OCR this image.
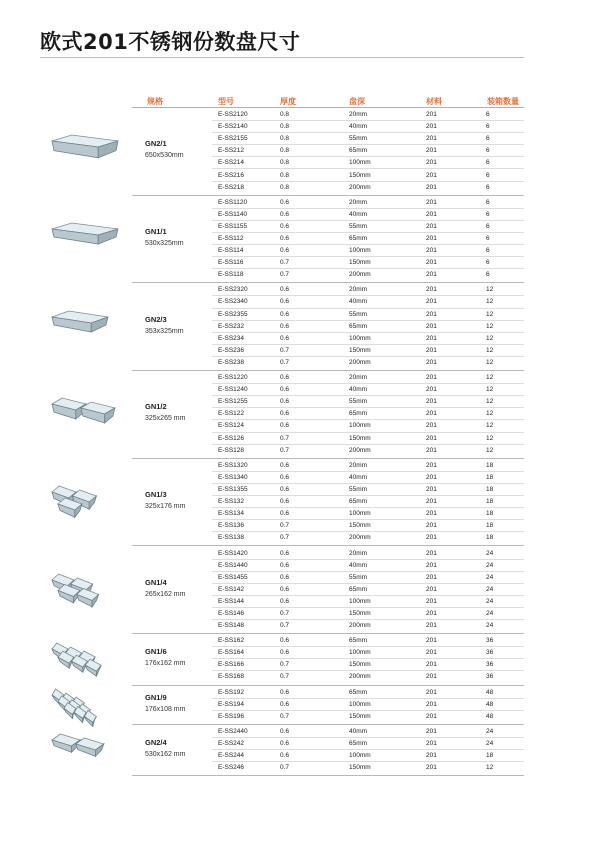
欧式201不锈钢份数盘尺寸
规格	型号	厚度	盘深	材料	装箱数量
GN2/1
650x530mm
E-SS2120	0.8	20mm	201	6
E-SS2140	0.8	40mm	201	6
E-SS2155	0.8	55mm	201	6
E-SS212	0.8	65mm	201	6
E-SS214	0.8	100mm	201	6
E-SS216	0.8	150mm	201	6
E-SS218	0.8	200mm	201	6
GN1/1
530x325mm
E-SS1120	0.6	20mm	201	6
E-SS1140	0.6	40mm	201	6
E-SS1155	0.6	55mm	201	6
E-SS112	0.6	65mm	201	6
E-SS114	0.6	100mm	201	6
E-SS116	0.7	150mm	201	6
E-SS118	0.7	200mm	201	6
GN2/3
353x325mm
E-SS2320	0.6	20mm	201	12
E-SS2340	0.6	40mm	201	12
E-SS2355	0.6	55mm	201	12
E-SS232	0.6	65mm	201	12
E-SS234	0.6	100mm	201	12
E-SS236	0.7	150mm	201	12
E-SS238	0.7	200mm	201	12
GN1/2
325x265 mm
E-SS1220	0.6	20mm	201	12
E-SS1240	0.6	40mm	201	12
E-SS1255	0.6	55mm	201	12
E-SS122	0.6	65mm	201	12
E-SS124	0.6	100mm	201	12
E-SS126	0.7	150mm	201	12
E-SS128	0.7	200mm	201	12
GN1/3
325x176 mm
E-SS1320	0.6	20mm	201	18
E-SS1340	0.6	40mm	201	18
E-SS1355	0.6	55mm	201	18
E-SS132	0.6	65mm	201	18
E-SS134	0.6	100mm	201	18
E-SS136	0.7	150mm	201	18
E-SS138	0.7	200mm	201	18
GN1/4
265x162 mm
E-SS1420	0.6	20mm	201	24
E-SS1440	0.6	40mm	201	24
E-SS1455	0.6	55mm	201	24
E-SS142	0.6	65mm	201	24
E-SS144	0.6	100mm	201	24
E-SS146	0.7	150mm	201	24
E-SS148	0.7	200mm	201	24
GN1/6
176x162 mm
E-SS162	0.6	65mm	201	36
E-SS164	0.6	100mm	201	36
E-SS166	0.7	150mm	201	36
E-SS168	0.7	200mm	201	36
GN1/9
176x108 mm
E-SS192	0.6	65mm	201	48
E-SS194	0.6	100mm	201	48
E-SS196	0.7	150mm	201	48
GN2/4
530x162 mm
E-SS2440	0.6	40mm	201	24
E-SS242	0.6	65mm	201	24
E-SS244	0.6	100mm	201	18
E-SS246	0.7	150mm	201	12
